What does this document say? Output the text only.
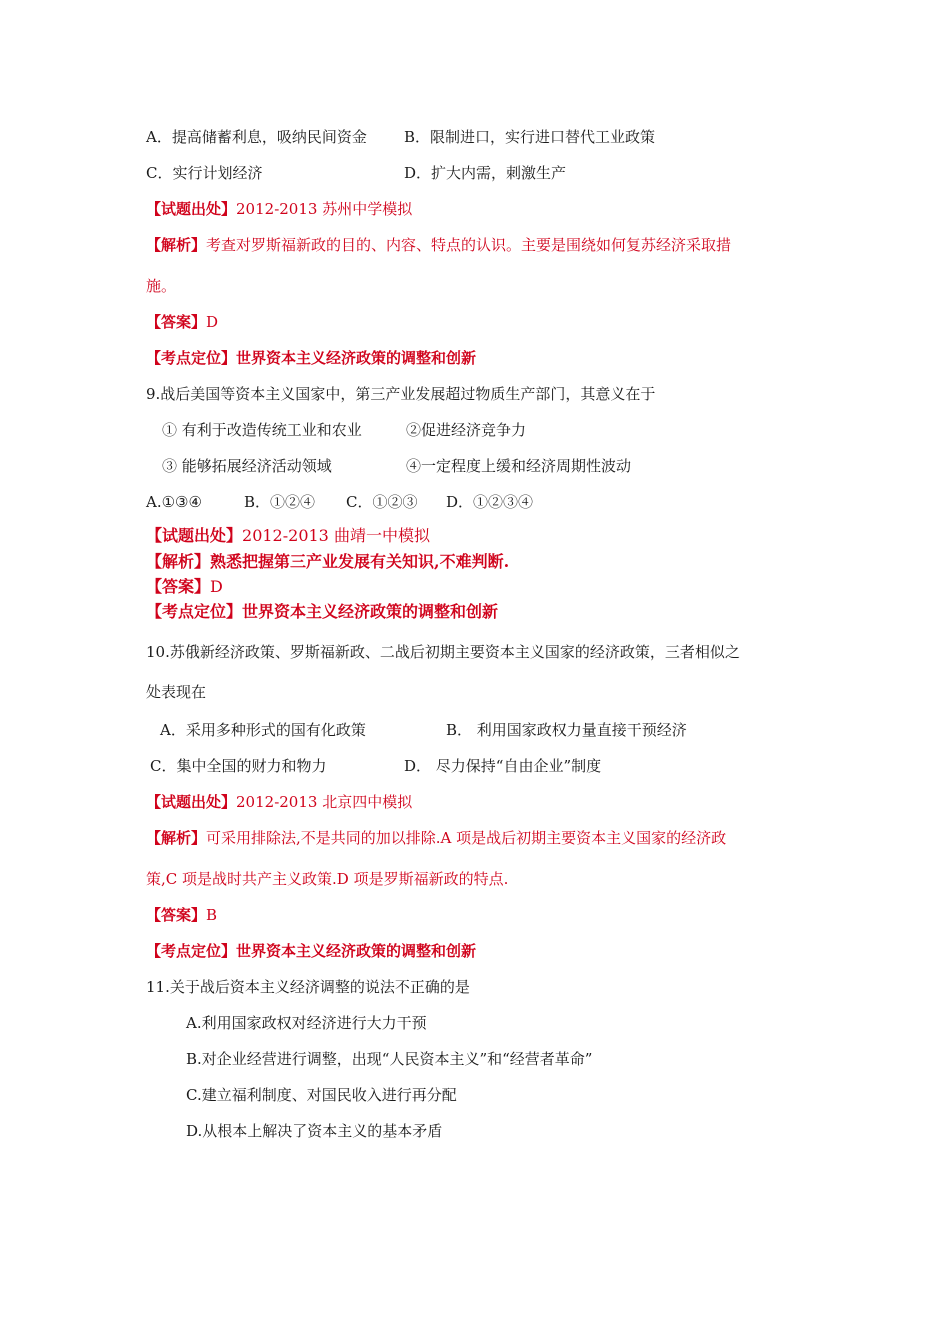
A．提高储蓄利息，吸纳民间资金 B．限制进口，实行进口替代工业政策
C．实行计划经济	D．扩大内需，刺激生产
【试题出处】2012-2013 苏州中学模拟
【解析】考查对罗斯福新政的目的、内容、特点的认识。主要是围绕如何复苏经济采取措
施。
【答案】D
【考点定位】世界资本主义经济政策的调整和创新
9.战后美国等资本主义国家中，第三产业发展超过物质生产部门，其意义在于
① 有利于改造传统工业和农业	②促进经济竞争力
③ 能够拓展经济活动领域	④一定程度上缓和经济周期性波动
A.①③④	B．①②④ C．①②③ D．①②③④
【试题出处】2012-2013 曲靖一中模拟
【解析】熟悉把握第三产业发展有关知识,不难判断.
【答案】D
【考点定位】世界资本主义经济政策的调整和创新
10.苏俄新经济政策、罗斯福新政、二战后初期主要资本主义国家的经济政策，三者相似之
处表现在
A．采用多种形式的国有化政策	B． 利用国家政权力量直接干预经济
C．集中全国的财力和物力	D． 尽力保持“自由企业”制度
【试题出处】2012-2013 北京四中模拟
【解析】可采用排除法,不是共同的加以排除.A 项是战后初期主要资本主义国家的经济政
策,C 项是战时共产主义政策.D 项是罗斯福新政的特点.
【答案】B
【考点定位】世界资本主义经济政策的调整和创新
11.关于战后资本主义经济调整的说法不正确的是
A.利用国家政权对经济进行大力干预
B.对企业经营进行调整，出现“人民资本主义”和“经营者革命”
C.建立福利制度、对国民收入进行再分配
D.从根本上解决了资本主义的基本矛盾
